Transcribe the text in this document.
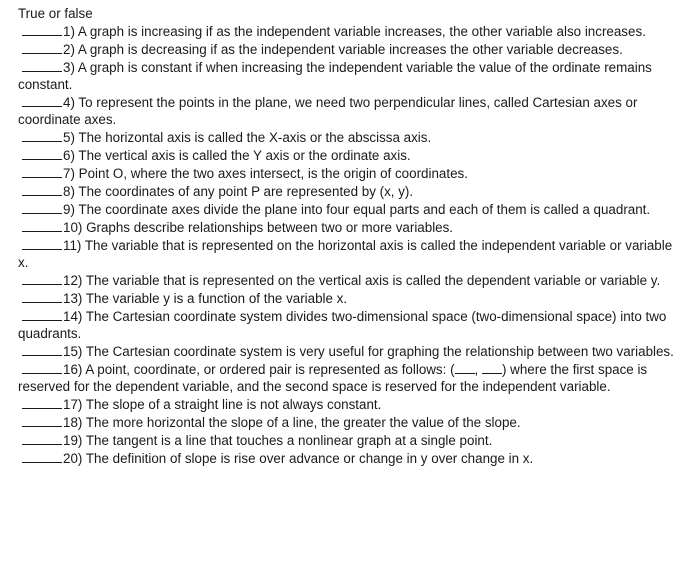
True or false

1) A graph is increasing if as the independent variable increases, the other variable also increases.

2) A graph is decreasing if as the independent variable increases the other variable decreases.

3) A graph is constant if when increasing the independent variable the value of the ordinate remains constant.

4) To represent the points in the plane, we need two perpendicular lines, called Cartesian axes or coordinate axes.

5) The horizontal axis is called the X-axis or the abscissa axis.

6) The vertical axis is called the Y axis or the ordinate axis.

7) Point O, where the two axes intersect, is the origin of coordinates.

8) The coordinates of any point P are represented by (x, y).

9) The coordinate axes divide the plane into four equal parts and each of them is called a quadrant.

10) Graphs describe relationships between two or more variables.

11) The variable that is represented on the horizontal axis is called the independent variable or variable x.

12) The variable that is represented on the vertical axis is called the dependent variable or variable y.

13) The variable y is a function of the variable x.

14) The Cartesian coordinate system divides two-dimensional space (two-dimensional space) into two quadrants.

15) The Cartesian coordinate system is very useful for graphing the relationship between two variables.

16) A point, coordinate, or ordered pair is represented as follows: ( , ) where the first space is reserved for the dependent variable, and the second space is reserved for the independent variable.

17) The slope of a straight line is not always constant.

18) The more horizontal the slope of a line, the greater the value of the slope.

19) The tangent is a line that touches a nonlinear graph at a single point.

20) The definition of slope is rise over advance or change in y over change in x.
